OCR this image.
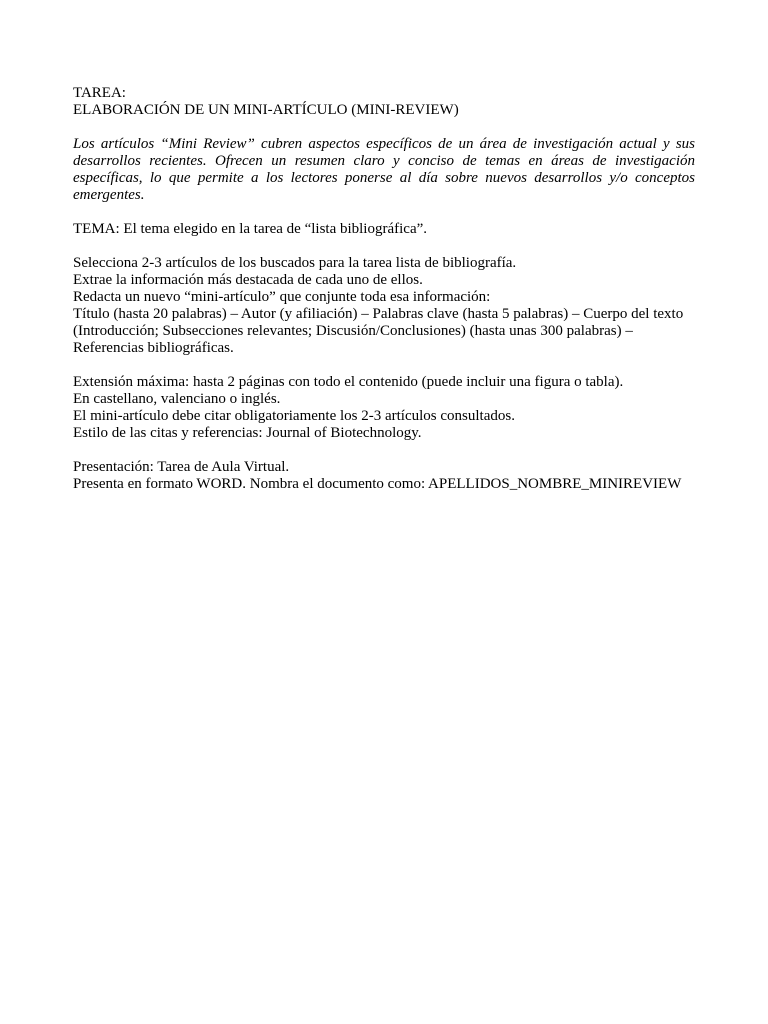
TAREA:
ELABORACIÓN DE UN MINI-ARTÍCULO (MINI-REVIEW)
Los artículos “Mini Review” cubren aspectos específicos de un área de investigación actual y sus desarrollos recientes. Ofrecen un resumen claro y conciso de temas en áreas de investigación específicas, lo que permite a los lectores ponerse al día sobre nuevos desarrollos y/o conceptos emergentes.
TEMA: El tema elegido en la tarea de “lista bibliográfica”.
Selecciona 2-3 artículos de los buscados para la tarea lista de bibliografía.
Extrae la información más destacada de cada uno de ellos.
Redacta un nuevo “mini-artículo” que conjunte toda esa información:
Título (hasta 20 palabras) – Autor (y afiliación) – Palabras clave (hasta 5 palabras) – Cuerpo del texto (Introducción; Subsecciones relevantes; Discusión/Conclusiones) (hasta unas 300 palabras) – Referencias bibliográficas.
Extensión máxima: hasta 2 páginas con todo el contenido (puede incluir una figura o tabla).
En castellano, valenciano o inglés.
El mini-artículo debe citar obligatoriamente los 2-3 artículos consultados.
Estilo de las citas y referencias: Journal of Biotechnology.
Presentación: Tarea de Aula Virtual.
Presenta en formato WORD. Nombra el documento como: APELLIDOS_NOMBRE_MINIREVIEW
